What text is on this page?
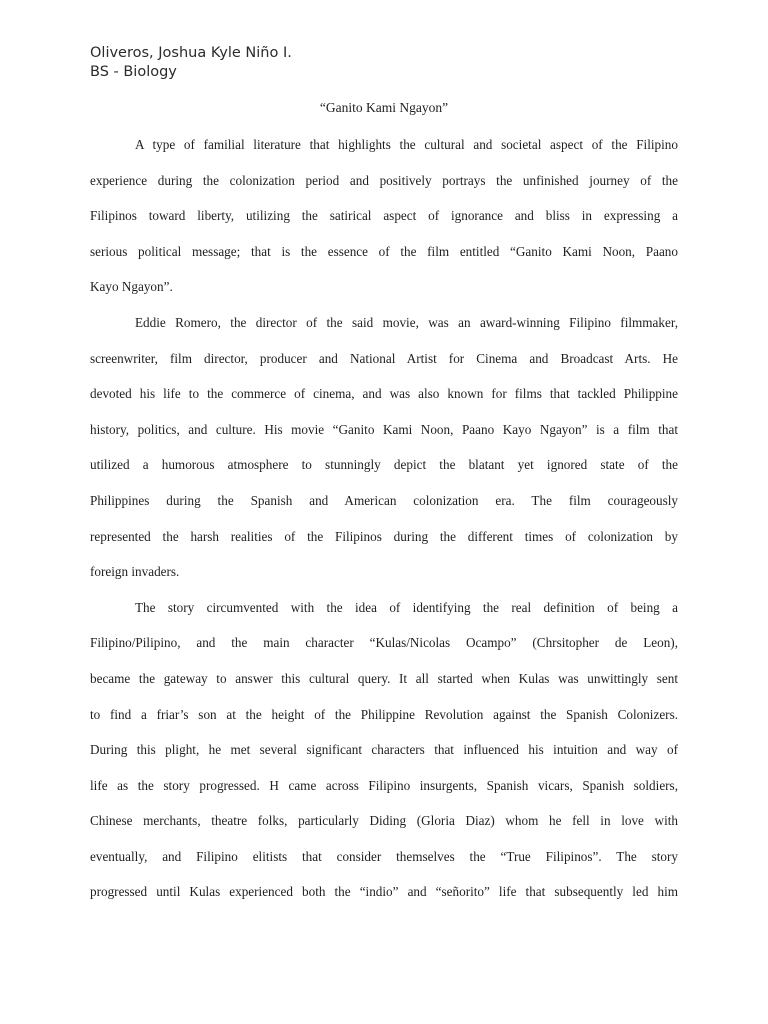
Oliveros, Joshua Kyle Niño I.
BS - Biology
“Ganito Kami Ngayon”
A type of familial literature that highlights the cultural and societal aspect of the Filipino
experience during the colonization period and positively portrays the unfinished journey of the
Filipinos toward liberty, utilizing the satirical aspect of ignorance and bliss in expressing a
serious political message; that is the essence of the film entitled “Ganito Kami Noon, Paano
Kayo Ngayon”.
Eddie Romero, the director of the said movie, was an award-winning Filipino filmmaker,
screenwriter, film director, producer and National Artist for Cinema and Broadcast Arts. He
devoted his life to the commerce of cinema, and was also known for films that tackled Philippine
history, politics, and culture. His movie “Ganito Kami Noon, Paano Kayo Ngayon” is a film that
utilized a humorous atmosphere to stunningly depict the blatant yet ignored state of the
Philippines during the Spanish and American colonization era. The film courageously
represented the harsh realities of the Filipinos during the different times of colonization by
foreign invaders.
The story circumvented with the idea of identifying the real definition of being a
Filipino/Pilipino, and the main character “Kulas/Nicolas Ocampo” (Chrsitopher de Leon),
became the gateway to answer this cultural query. It all started when Kulas was unwittingly sent
to find a friar’s son at the height of the Philippine Revolution against the Spanish Colonizers.
During this plight, he met several significant characters that influenced his intuition and way of
life as the story progressed. H came across Filipino insurgents, Spanish vicars, Spanish soldiers,
Chinese merchants, theatre folks, particularly Diding (Gloria Diaz) whom he fell in love with
eventually, and Filipino elitists that consider themselves the “True Filipinos”. The story
progressed until Kulas experienced both the “indio” and “señorito” life that subsequently led him
